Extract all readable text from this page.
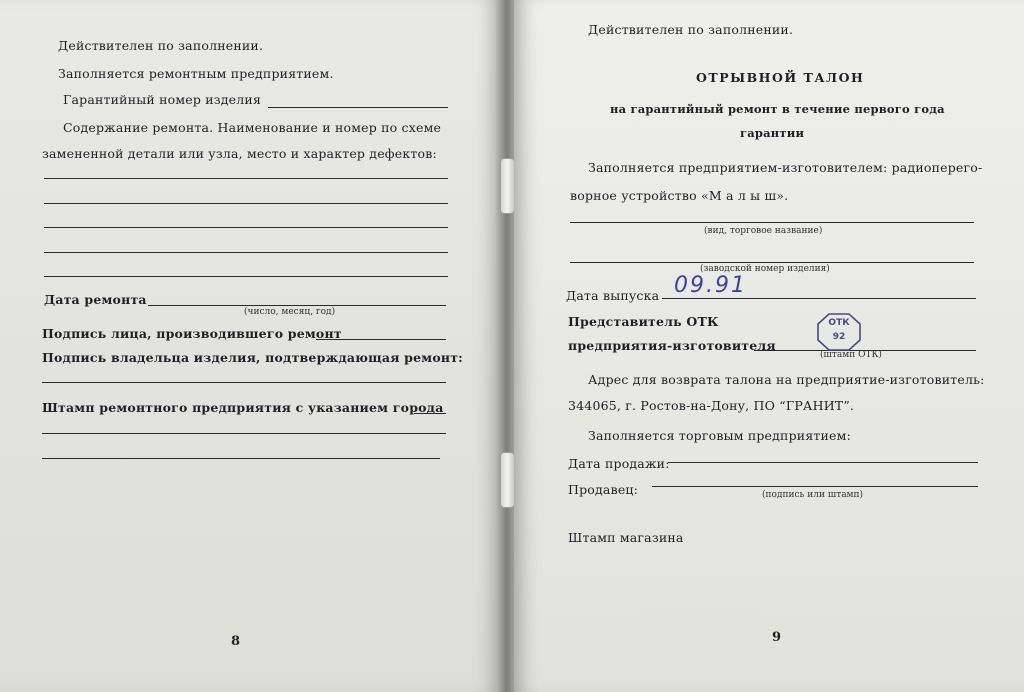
Действителен по заполнении.
Заполняется ремонтным предприятием.
Гарантийный номер изделия
Содержание ремонта. Наименование и номер по схеме
замененной детали или узла, место и характер дефектов:
Дата ремонта
(число, месяц, год)
Подпись лица, производившего ремонт
Подпись владельца изделия, подтверждающая ремонт:
Штамп ремонтного предприятия с указанием города
8
Действителен по заполнении.
ОТРЫВНОЙ ТАЛОН
на гарантийный ремонт в течение первого года
гарантии
Заполняется предприятием-изготовителем: радиоперего-
ворное устройство «М а л ы ш».
(вид, торговое название)
(заводской номер изделия)
Дата выпуска 09.91
Представитель ОТК
предприятия-изготовителя
(штамп ОТК)
Адрес для возврата талона на предприятие-изготовитель:
344065, г. Ростов-на-Дону, ПО “ГРАНИТ”.
Заполняется торговым предприятием:
Дата продажи:
Продавец:	(подпись или штамп)
Штамп магазина
9
ОТК
92
